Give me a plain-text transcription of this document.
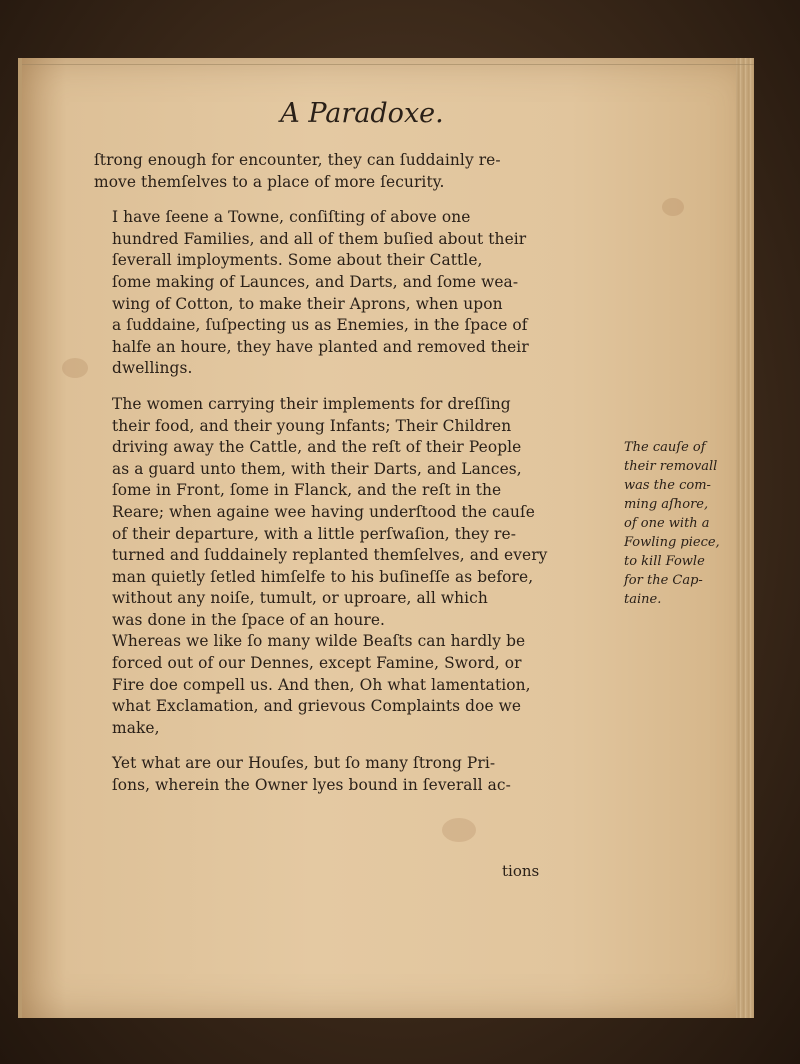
A Paradoxe.

ſtrong enough for encounter, they can ſuddainly re-
move themſelves to a place of more ſecurity.

I have ſeene a Towne, conſiſting of above one
hundred Families, and all of them buſied about their
ſeverall imployments. Some about their Cattle,
ſome making of Launces, and Darts, and ſome wea-
wing of Cotton, to make their Aprons, when upon
a ſuddaine, ſuſpecting us as Enemies, in the ſpace of
halfe an houre, they have planted and removed their
dwellings.

The women carrying their implements for dreſſing
their food, and their young Infants; Their Children
driving away the Cattle, and the reſt of their People
as a guard unto them, with their Darts, and Lances,
ſome in Front, ſome in Flanck, and the reſt in the
Reare; when againe wee having underſtood the cauſe
of their departure, with a little perſwaſion, they re-
turned and ſuddainely replanted themſelves, and every
man quietly ſetled himſelfe to his buſineſſe as before,
without any noiſe, tumult, or uproare, all which
was done in the ſpace of an houre.

Whereas we like ſo many wilde Beaſts can hardly be
forced out of our Dennes, except Famine, Sword, or
Fire doe compell us. And then, Oh what lamentation,
what Exclamation, and grievous Complaints doe we
make,

Yet what are our Houſes, but ſo many ſtrong Pri-
ſons, wherein the Owner lyes bound in ſeverall ac-

tions
The cauſe of
their removall
was the com-
ming aſhore,
of one with a
Fowling piece,
to kill Fowle
for the Cap-
taine.
